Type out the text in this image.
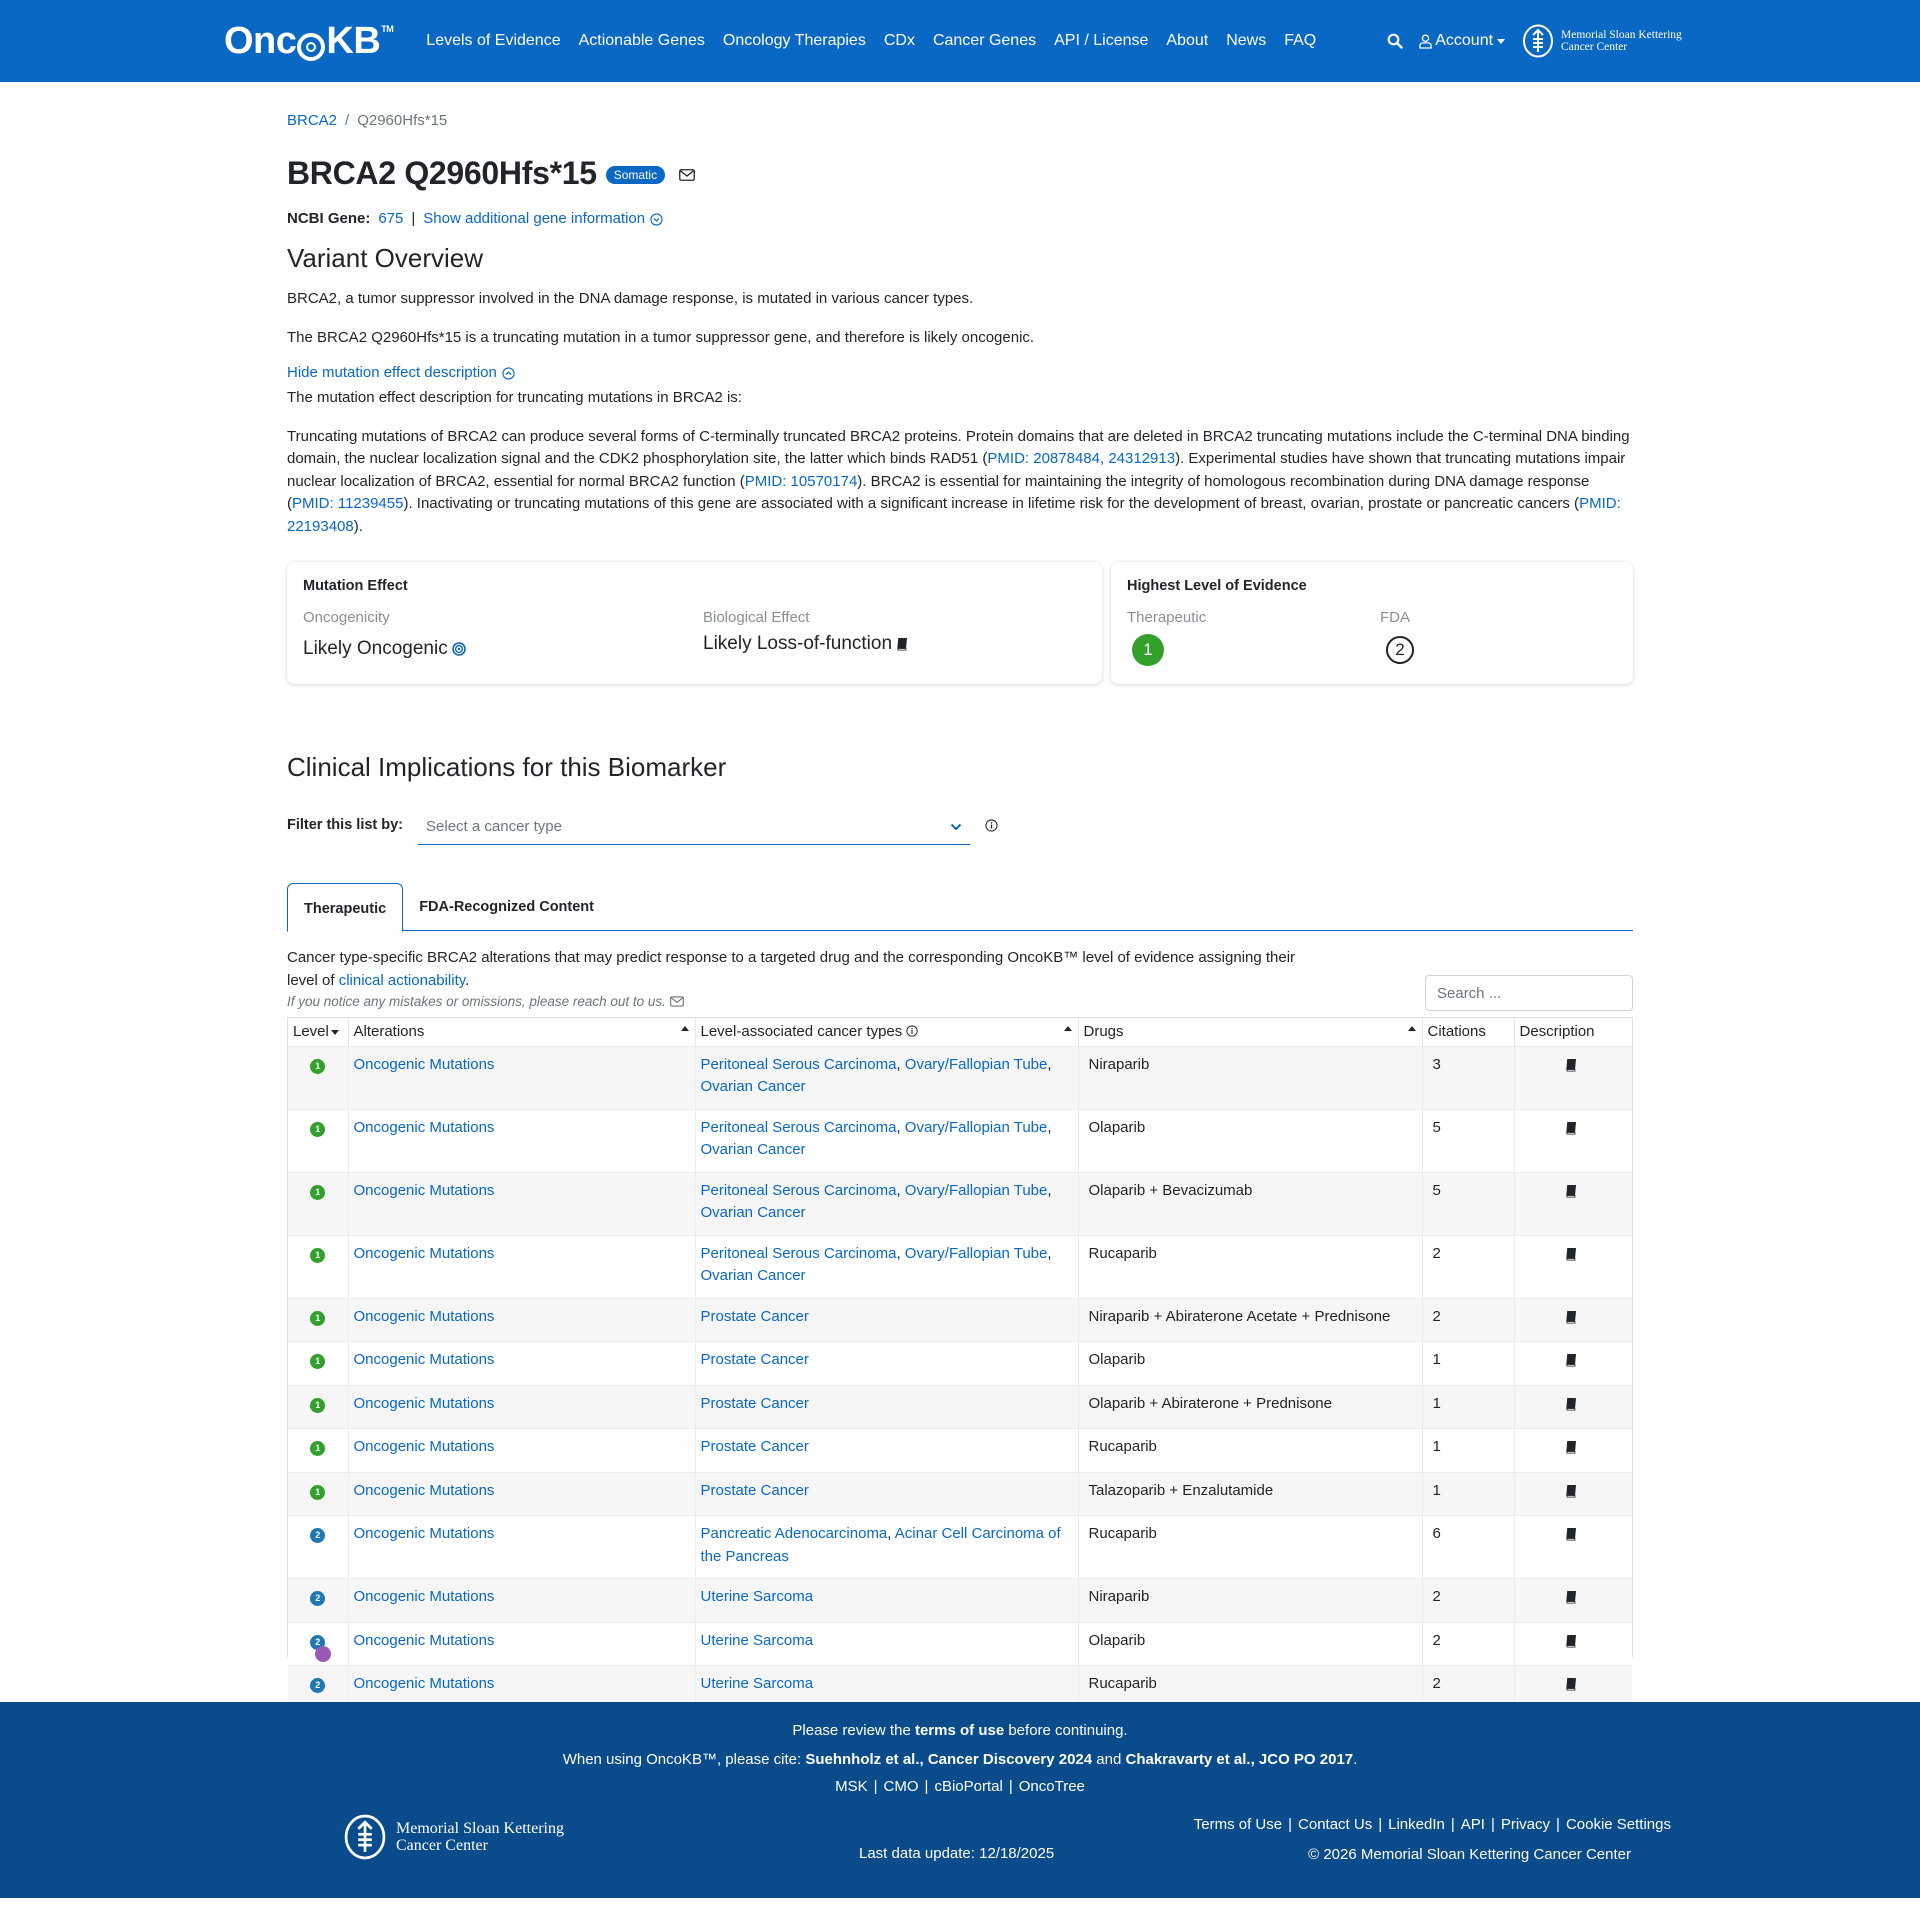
Onc KB TM
Levels of Evidence	Actionable Genes	Oncology Therapies	CDx	Cancer Genes	API / License	About	News	FAQ	Account	Memorial Sloan Kettering
Cancer Center
BRCA2 / Q2960Hfs*15
BRCA2 Q2960Hfs*15	Somatic
NCBI Gene: 675 | Show additional gene information
Variant Overview

BRCA2, a tumor suppressor involved in the DNA damage response, is mutated in various cancer types.

The BRCA2 Q2960Hfs*15 is a truncating mutation in a tumor suppressor gene, and therefore is likely oncogenic.

Hide mutation effect description

The mutation effect description for truncating mutations in BRCA2 is:

Truncating mutations of BRCA2 can produce several forms of C-terminally truncated BRCA2 proteins. Protein domains that are deleted in BRCA2 truncating mutations include the C-terminal DNA binding domain, the nuclear localization signal and the CDK2 phosphorylation site, the latter which binds RAD51 (PMID: 20878484, 24312913). Experimental studies have shown that truncating mutations impair nuclear localization of BRCA2, essential for normal BRCA2 function (PMID: 10570174). BRCA2 is essential for maintaining the integrity of homologous recombination during DNA damage response (PMID: 11239455). Inactivating or truncating mutations of this gene are associated with a significant increase in lifetime risk for the development of breast, ovarian, prostate or pancreatic cancers (PMID: 22193408).

Mutation Effect
Oncogenicity
Likely Oncogenic
Biological Effect
Likely Loss-of-function
Highest Level of Evidence
Therapeutic
1
FDA
2
Clinical Implications for this Biomarker
Filter this list by: Select a cancer type
Therapeutic	FDA-Recognized Content

Cancer type-specific BRCA2 alterations that may predict response to a targeted drug and the corresponding OncoKB™ level of evidence assigning their level of clinical actionability.

If you notice any mistakes or omissions, please reach out to us.	Search ...
Level	Alterations	Level-associated cancer types	Drugs	Citations	Description
1	Oncogenic Mutations	Peritoneal Serous Carcinoma, Ovary/Fallopian Tube, Ovarian Cancer	Niraparib	3	
1	Oncogenic Mutations	Peritoneal Serous Carcinoma, Ovary/Fallopian Tube, Ovarian Cancer	Olaparib	5	
1	Oncogenic Mutations	Peritoneal Serous Carcinoma, Ovary/Fallopian Tube, Ovarian Cancer	Olaparib + Bevacizumab	5	
1	Oncogenic Mutations	Peritoneal Serous Carcinoma, Ovary/Fallopian Tube, Ovarian Cancer	Rucaparib	2	
1	Oncogenic Mutations	Prostate Cancer	Niraparib + Abiraterone Acetate + Prednisone	2	
1	Oncogenic Mutations	Prostate Cancer	Olaparib	1	
1	Oncogenic Mutations	Prostate Cancer	Olaparib + Abiraterone + Prednisone	1	
1	Oncogenic Mutations	Prostate Cancer	Rucaparib	1	
1	Oncogenic Mutations	Prostate Cancer	Talazoparib + Enzalutamide	1	
2	Oncogenic Mutations	Pancreatic Adenocarcinoma, Acinar Cell Carcinoma of the Pancreas	Rucaparib	6	
2	Oncogenic Mutations	Uterine Sarcoma	Niraparib	2	
2	Oncogenic Mutations	Uterine Sarcoma	Olaparib	2	
2	Oncogenic Mutations	Uterine Sarcoma	Rucaparib	2	
Please review the terms of use before continuing.
When using OncoKB™, please cite: Suehnholz et al., Cancer Discovery 2024 and Chakravarty et al., JCO PO 2017.
MSK | CMO | cBioPortal | OncoTree
Memorial Sloan Kettering
Cancer Center	Last data update: 12/18/2025
Terms of Use | Contact Us | LinkedIn | API | Privacy | Cookie Settings
© 2026 Memorial Sloan Kettering Cancer Center
